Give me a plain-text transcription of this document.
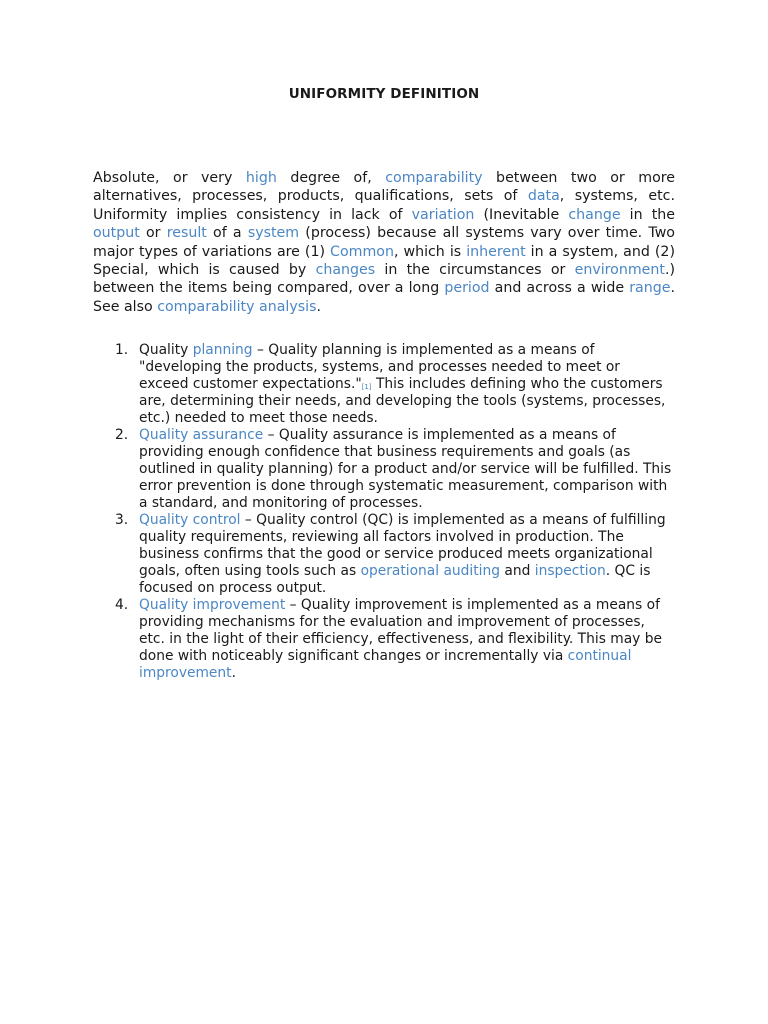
UNIFORMITY DEFINITION

Absolute, or very high degree of, comparability between two or more alternatives, processes, products, qualifications, sets of data, systems, etc. Uniformity implies consistency in lack of variation (Inevitable change in the output or result of a system (process) because all systems vary over time. Two major types of variations are (1) Common, which is inherent in a system, and (2) Special, which is caused by changes in the circumstances or environment.) between the items being compared, over a long period and across a wide range. See also comparability analysis.

1. Quality planning – Quality planning is implemented as a means of "developing the products, systems, and processes needed to meet or exceed customer expectations."[1] This includes defining who the customers are, determining their needs, and developing the tools (systems, processes, etc.) needed to meet those needs.
2. Quality assurance – Quality assurance is implemented as a means of providing enough confidence that business requirements and goals (as outlined in quality planning) for a product and/or service will be fulfilled. This error prevention is done through systematic measurement, comparison with a standard, and monitoring of processes.
3. Quality control – Quality control (QC) is implemented as a means of fulfilling quality requirements, reviewing all factors involved in production. The business confirms that the good or service produced meets organizational goals, often using tools such as operational auditing and inspection. QC is focused on process output.
4. Quality improvement – Quality improvement is implemented as a means of providing mechanisms for the evaluation and improvement of processes, etc. in the light of their efficiency, effectiveness, and flexibility. This may be done with noticeably significant changes or incrementally via continual improvement.
